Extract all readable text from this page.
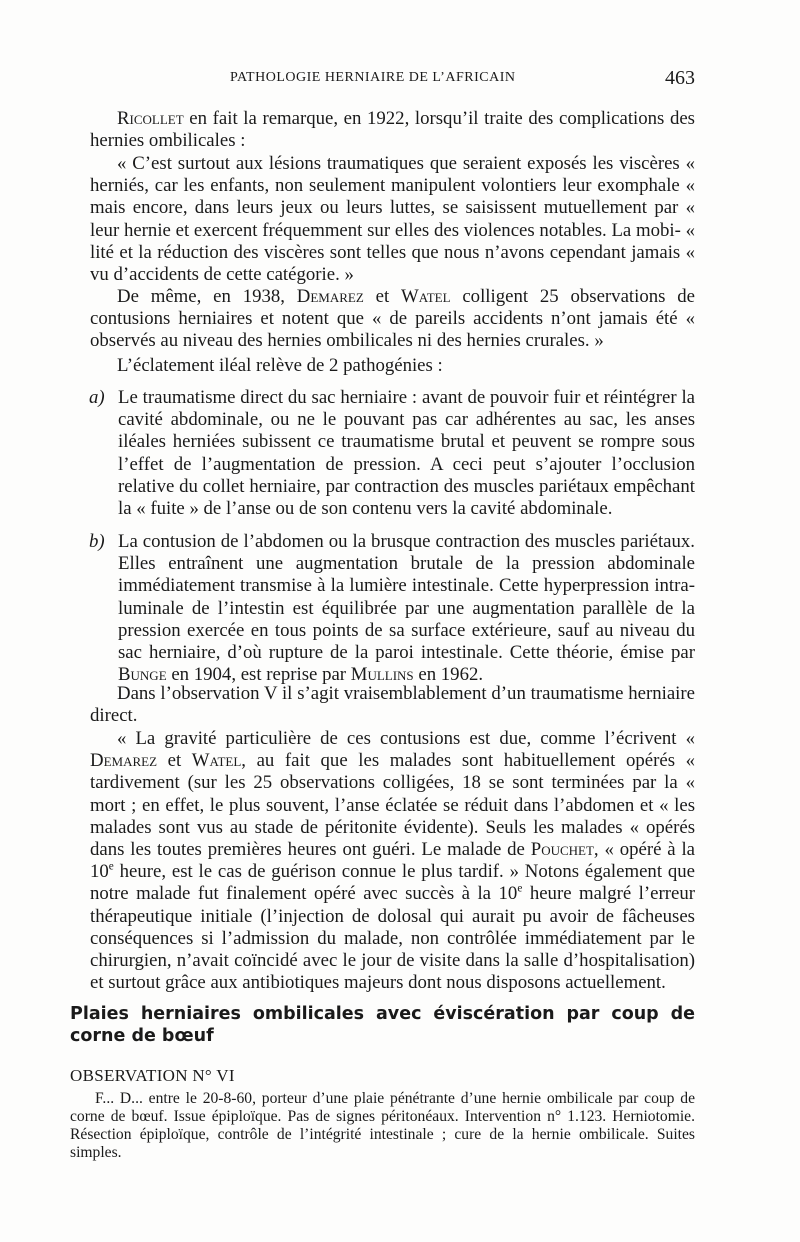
PATHOLOGIE HERNIAIRE DE L’AFRICAIN	463

Ricollet en fait la remarque, en 1922, lorsqu’il traite des complications des hernies ombilicales :

« C’est surtout aux lésions traumatiques que seraient exposés les viscères « herniés, car les enfants, non seulement manipulent volontiers leur exomphale « mais encore, dans leurs jeux ou leurs luttes, se saisissent mutuellement par « leur hernie et exercent fréquemment sur elles des violences notables. La mobi- « lité et la réduction des viscères sont telles que nous n’avons cependant jamais « vu d’accidents de cette catégorie. »

De même, en 1938, Demarez et Watel colligent 25 observations de contusions herniaires et notent que « de pareils accidents n’ont jamais été « observés au niveau des hernies ombilicales ni des hernies crurales. »

L’éclatement iléal relève de 2 pathogénies :

a) Le traumatisme direct du sac herniaire : avant de pouvoir fuir et réintégrer la cavité abdominale, ou ne le pouvant pas car adhérentes au sac, les anses iléales herniées subissent ce traumatisme brutal et peuvent se rompre sous l’effet de l’augmentation de pression. A ceci peut s’ajouter l’occlusion relative du collet herniaire, par contraction des muscles pariétaux empêchant la « fuite » de l’anse ou de son contenu vers la cavité abdominale.
b) La contusion de l’abdomen ou la brusque contraction des muscles pariétaux. Elles entraînent une augmentation brutale de la pression abdominale immédiatement transmise à la lumière intestinale. Cette hyperpression intra-luminale de l’intestin est équilibrée par une augmentation parallèle de la pression exercée en tous points de sa surface extérieure, sauf au niveau du sac herniaire, d’où rupture de la paroi intestinale. Cette théorie, émise par Bunge en 1904, est reprise par Mullins en 1962.

Dans l’observation V il s’agit vraisemblablement d’un traumatisme herniaire direct.

« La gravité particulière de ces contusions est due, comme l’écrivent « Demarez et Watel, au fait que les malades sont habituellement opérés « tardivement (sur les 25 observations colligées, 18 se sont terminées par la « mort ; en effet, le plus souvent, l’anse éclatée se réduit dans l’abdomen et « les malades sont vus au stade de péritonite évidente). Seuls les malades « opérés dans les toutes premières heures ont guéri. Le malade de Pouchet, « opéré à la 10e heure, est le cas de guérison connue le plus tardif. » Notons également que notre malade fut finalement opéré avec succès à la 10e heure malgré l’erreur thérapeutique initiale (l’injection de dolosal qui aurait pu avoir de fâcheuses conséquences si l’admission du malade, non contrôlée immédiatement par le chirurgien, n’avait coïncidé avec le jour de visite dans la salle d’hospitalisation) et surtout grâce aux antibiotiques majeurs dont nous disposons actuellement.

Plaies herniaires ombilicales avec éviscération par coup de corne de bœuf
OBSERVATION N° VI

F... D... entre le 20-8-60, porteur d’une plaie pénétrante d’une hernie ombilicale par coup de corne de bœuf. Issue épiploïque. Pas de signes péritonéaux. Intervention n° 1.123. Herniotomie. Résection épiploïque, contrôle de l’intégrité intestinale ; cure de la hernie ombilicale. Suites simples.
